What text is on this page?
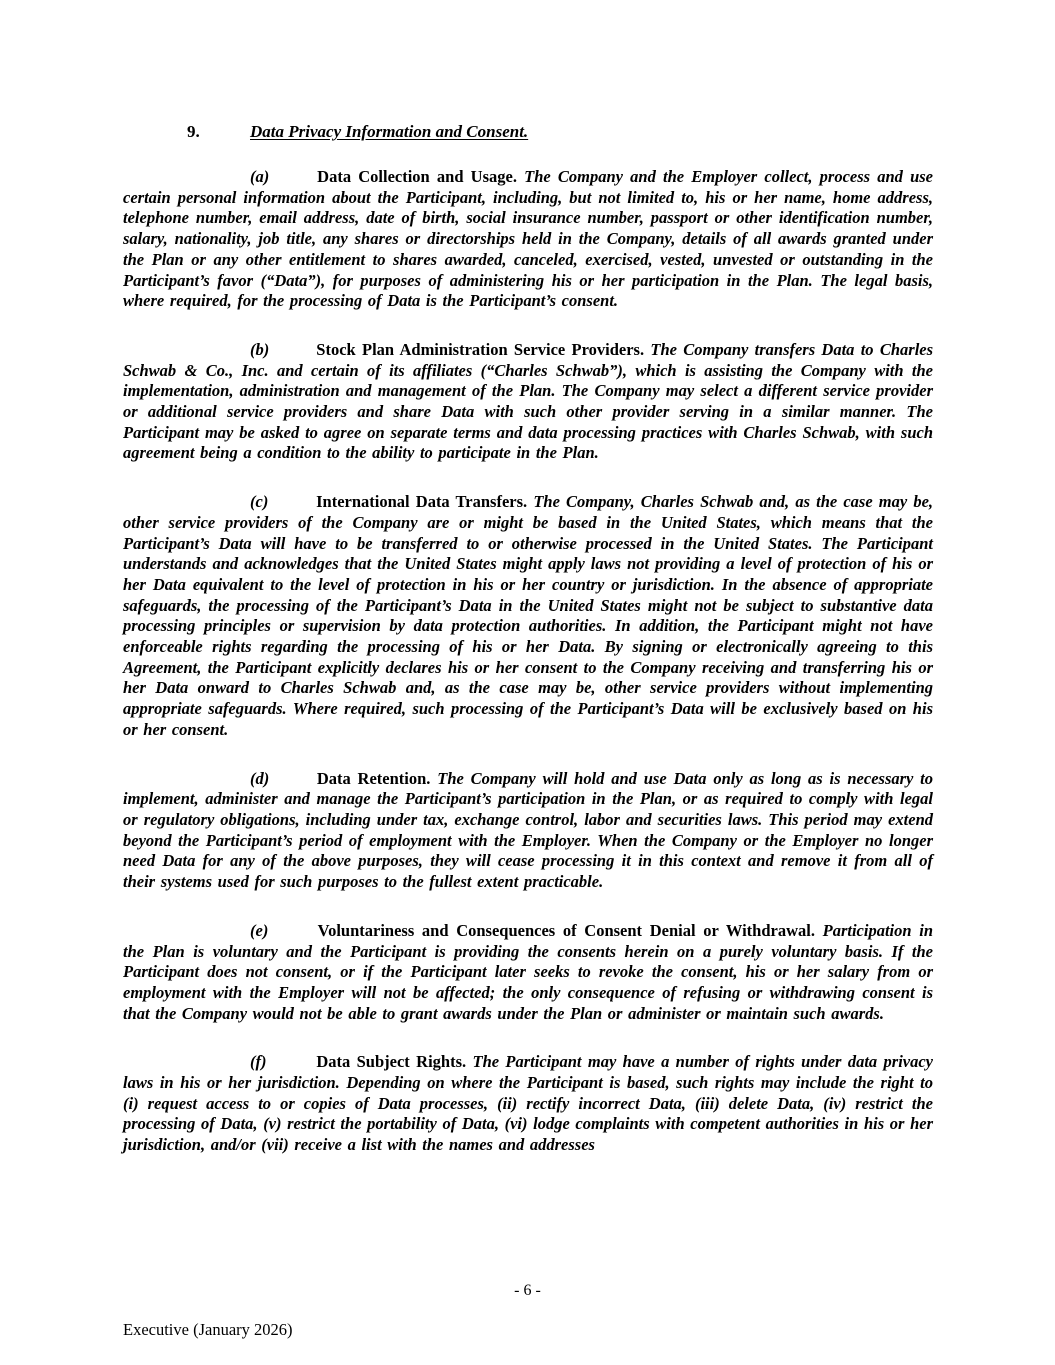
9.	Data Privacy Information and Consent.

(a)	Data Collection and Usage. The Company and the Employer collect, process and use certain personal information about the Participant, including, but not limited to, his or her name, home address, telephone number, email address, date of birth, social insurance number, passport or other identification number, salary, nationality, job title, any shares or directorships held in the Company, details of all awards granted under the Plan or any other entitlement to shares awarded, canceled, exercised, vested, unvested or outstanding in the Participant’s favor (“Data”), for purposes of administering his or her participation in the Plan. The legal basis, where required, for the processing of Data is the Participant’s consent.

(b)	Stock Plan Administration Service Providers. The Company transfers Data to Charles Schwab & Co., Inc. and certain of its affiliates (“Charles Schwab”), which is assisting the Company with the implementation, administration and management of the Plan. The Company may select a different service provider or additional service providers and share Data with such other provider serving in a similar manner. The Participant may be asked to agree on separate terms and data processing practices with Charles Schwab, with such agreement being a condition to the ability to participate in the Plan.

(c)	International Data Transfers. The Company, Charles Schwab and, as the case may be, other service providers of the Company are or might be based in the United States, which means that the Participant’s Data will have to be transferred to or otherwise processed in the United States. The Participant understands and acknowledges that the United States might apply laws not providing a level of protection of his or her Data equivalent to the level of protection in his or her country or jurisdiction. In the absence of appropriate safeguards, the processing of the Participant’s Data in the United States might not be subject to substantive data processing principles or supervision by data protection authorities. In addition, the Participant might not have enforceable rights regarding the processing of his or her Data. By signing or electronically agreeing to this Agreement, the Participant explicitly declares his or her consent to the Company receiving and transferring his or her Data onward to Charles Schwab and, as the case may be, other service providers without implementing appropriate safeguards. Where required, such processing of the Participant’s Data will be exclusively based on his or her consent.

(d)	Data Retention. The Company will hold and use Data only as long as is necessary to implement, administer and manage the Participant’s participation in the Plan, or as required to comply with legal or regulatory obligations, including under tax, exchange control, labor and securities laws. This period may extend beyond the Participant’s period of employment with the Employer. When the Company or the Employer no longer need Data for any of the above purposes, they will cease processing it in this context and remove it from all of their systems used for such purposes to the fullest extent practicable.

(e)	Voluntariness and Consequences of Consent Denial or Withdrawal. Participation in the Plan is voluntary and the Participant is providing the consents herein on a purely voluntary basis. If the Participant does not consent, or if the Participant later seeks to revoke the consent, his or her salary from or employment with the Employer will not be affected; the only consequence of refusing or withdrawing consent is that the Company would not be able to grant awards under the Plan or administer or maintain such awards.

(f)	Data Subject Rights. The Participant may have a number of rights under data privacy laws in his or her jurisdiction. Depending on where the Participant is based, such rights may include the right to (i) request access to or copies of Data processes, (ii) rectify incorrect Data, (iii) delete Data, (iv) restrict the processing of Data, (v) restrict the portability of Data, (vi) lodge complaints with competent authorities in his or her jurisdiction, and/or (vii) receive a list with the names and addresses

- 6 -
Executive (January 2026)
